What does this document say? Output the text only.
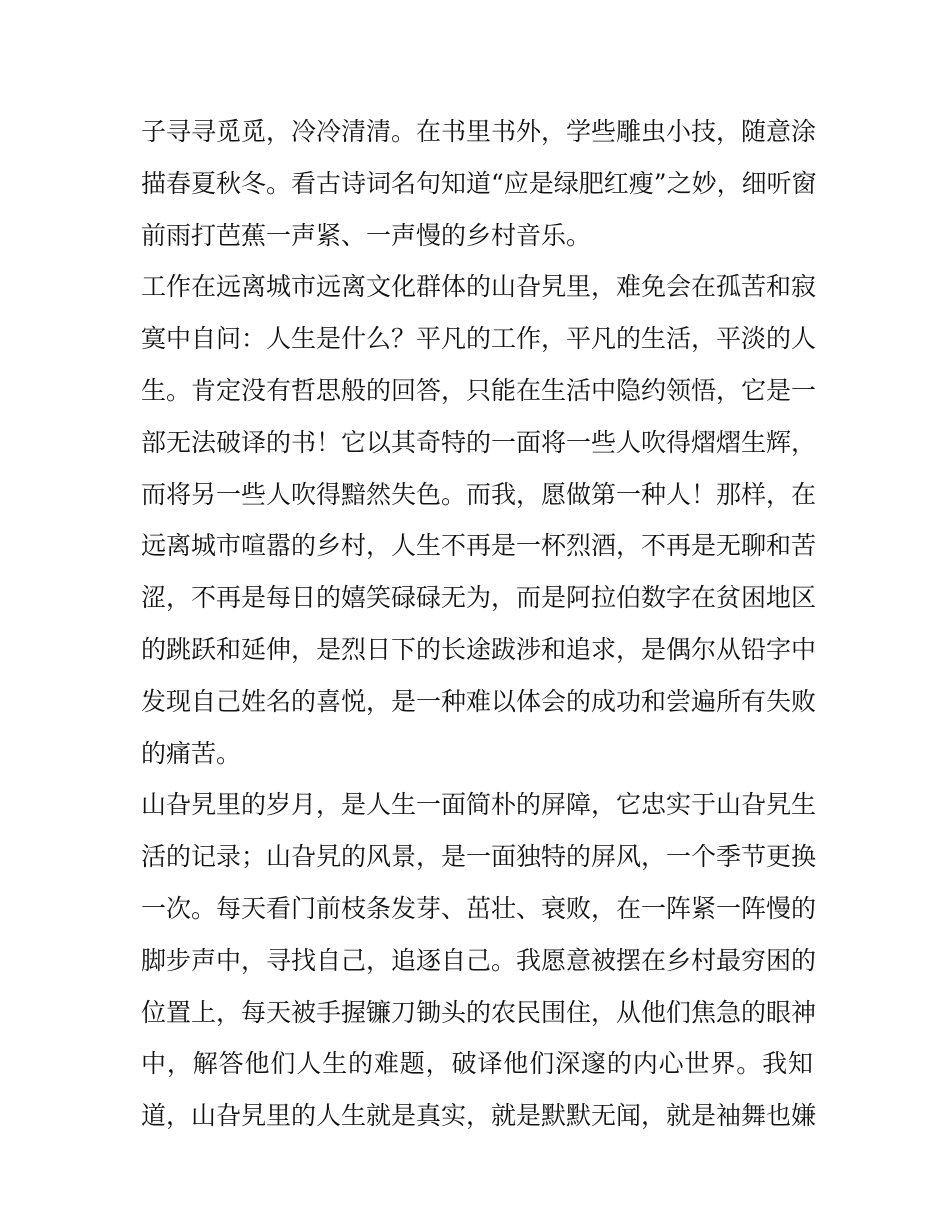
子寻寻觅觅，冷冷清清。在书里书外，学些雕虫小技，随意涂
描春夏秋冬。看古诗词名句知道“应是绿肥红瘦”之妙，细听窗
前雨打芭蕉一声紧、一声慢的乡村音乐。
工作在远离城市远离文化群体的山旮旯里，难免会在孤苦和寂
寞中自问：人生是什么？平凡的工作，平凡的生活，平淡的人
生。肯定没有哲思般的回答，只能在生活中隐约领悟，它是一
部无法破译的书！它以其奇特的一面将一些人吹得熠熠生辉，
而将另一些人吹得黯然失色。而我，愿做第一种人！那样，在
远离城市喧嚣的乡村，人生不再是一杯烈酒，不再是无聊和苦
涩，不再是每日的嬉笑碌碌无为，而是阿拉伯数字在贫困地区
的跳跃和延伸，是烈日下的长途跋涉和追求，是偶尔从铅字中
发现自己姓名的喜悦，是一种难以体会的成功和尝遍所有失败
的痛苦。
山旮旯里的岁月，是人生一面简朴的屏障，它忠实于山旮旯生
活的记录；山旮旯的风景，是一面独特的屏风，一个季节更换
一次。每天看门前枝条发芽、茁壮、衰败，在一阵紧一阵慢的
脚步声中，寻找自己，追逐自己。我愿意被摆在乡村最穷困的
位置上，每天被手握镰刀锄头的农民围住，从他们焦急的眼神
中，解答他们人生的难题，破译他们深邃的内心世界。我知
道，山旮旯里的人生就是真实，就是默默无闻，就是袖舞也嫌
